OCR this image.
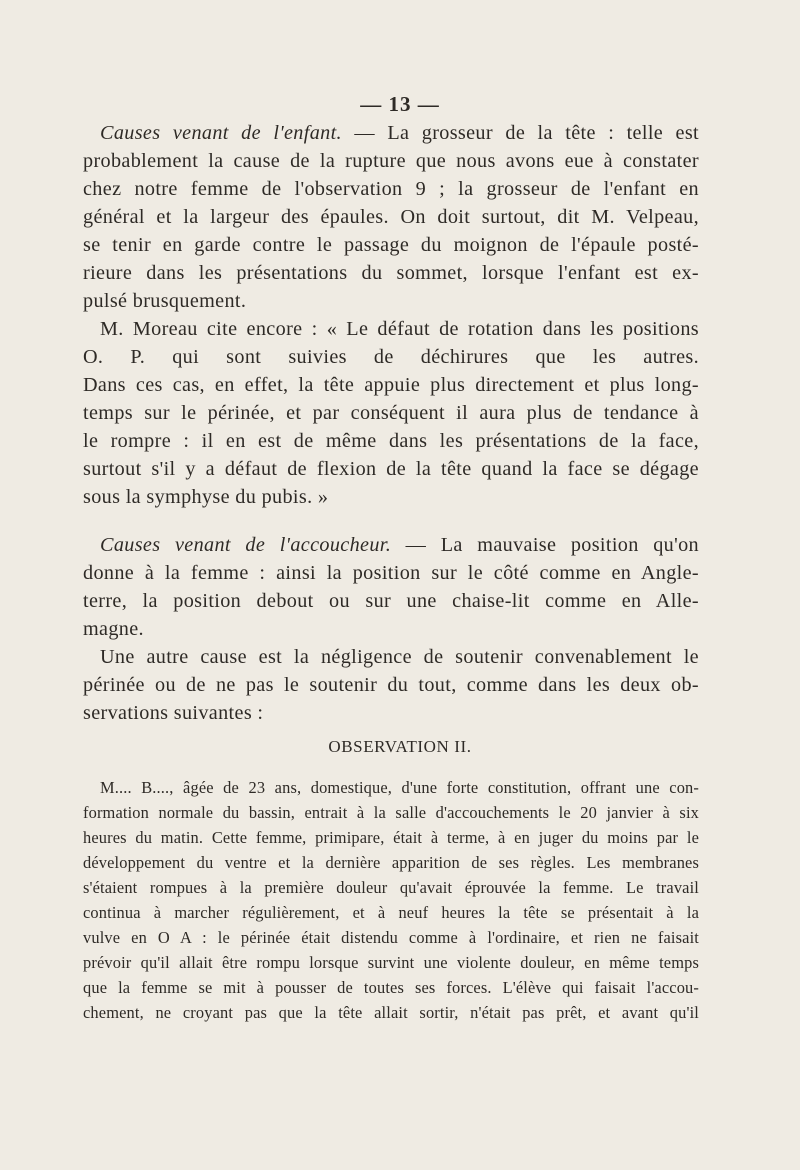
— 13 —
Causes venant de l'enfant. — La grosseur de la tête : telle est
probablement la cause de la rupture que nous avons eue à constater
chez notre femme de l'observation 9 ; la grosseur de l'enfant en
général et la largeur des épaules. On doit surtout, dit M. Velpeau,
se tenir en garde contre le passage du moignon de l'épaule posté-
rieure dans les présentations du sommet, lorsque l'enfant est ex-
pulsé brusquement.
M. Moreau cite encore : « Le défaut de rotation dans les positions
O. P. qui sont suivies de déchirures que les autres.
Dans ces cas, en effet, la tête appuie plus directement et plus long-
temps sur le périnée, et par conséquent il aura plus de tendance à
le rompre : il en est de même dans les présentations de la face,
surtout s'il y a défaut de flexion de la tête quand la face se dégage
sous la symphyse du pubis. »
Causes venant de l'accoucheur. — La mauvaise position qu'on
donne à la femme : ainsi la position sur le côté comme en Angle-
terre, la position debout ou sur une chaise-lit comme en Alle-
magne.
Une autre cause est la négligence de soutenir convenablement le
périnée ou de ne pas le soutenir du tout, comme dans les deux ob-
servations suivantes :
OBSERVATION II.
M.... B...., âgée de 23 ans, domestique, d'une forte constitution, offrant une con-
formation normale du bassin, entrait à la salle d'accouchements le 20 janvier à six
heures du matin. Cette femme, primipare, était à terme, à en juger du moins par le
développement du ventre et la dernière apparition de ses règles. Les membranes
s'étaient rompues à la première douleur qu'avait éprouvée la femme. Le travail
continua à marcher régulièrement, et à neuf heures la tête se présentait à la
vulve en O A : le périnée était distendu comme à l'ordinaire, et rien ne faisait
prévoir qu'il allait être rompu lorsque survint une violente douleur, en même temps
que la femme se mit à pousser de toutes ses forces. L'élève qui faisait l'accou-
chement, ne croyant pas que la tête allait sortir, n'était pas prêt, et avant qu'il
